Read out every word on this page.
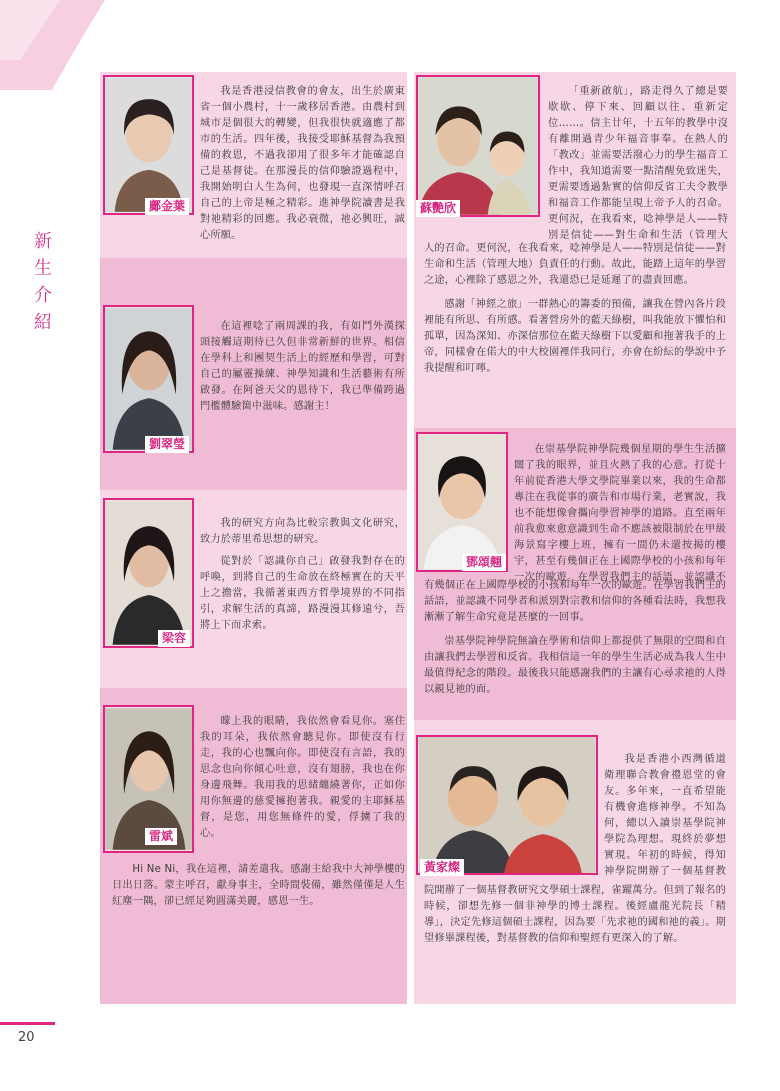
新
生
介
紹
鄺金葉

我是香港浸信教會的會友，出生於廣東省一個小農村，十一歲移居香港。由農村到城市是個很大的轉變，但我很快就適應了都市的生活。四年後，我接受耶穌基督為我預備的救恩，不過我卻用了很多年才能確認自己是基督徒。在那漫長的信仰驗證過程中，我開始明白人生為何，也發現一直深情呼召自己的上帝是極之精彩。進神學院讀書是我對祂精彩的回應。我必衰微，祂必興旺，誠心所願。

劉翠瑩

在這裡唸了兩周課的我，有如鬥外漢探頭接觸這期待已久但非常新鮮的世界。相信在學科上和團契生活上的經歷和學習，可對自己的屬靈操練、神學知識和生活藝術有所啟發。在阿爸天父的恩待下，我已準備跨過門檻體驗箇中滋味。感謝主！

梁容

我的研究方向為比較宗教與文化研究，致力於蒂里希思想的研究。

從對於「認識你自己」啟發我對存在的呼喚，到將自己的生命放在終極實在的天平上之擔當，我循著東西方哲學境界的不同指引，求解生活的真諦，路漫漫其修遠兮，吾將上下而求索。

雷斌

矇上我的眼睛，我依然會看見你。塞住我的耳朵，我依然會聽見你。即使沒有行走，我的心也飄向你。即使沒有言語，我的思念也向你傾心吐意，沒有翅膀，我也在你身邊飛舞。我用我的思緒纏繞著你，正如你用你無邊的慈愛擁抱著我。親愛的主耶穌基督，是您，用您無條件的愛，俘擄了我的心。

Hi Ne Ni，我在這裡，請差遣我。感謝主給我中大神學樓的日出日落。蒙主呼召，獻身事主，全時間裝備，雖然僅僅是人生紅塵一隅，卻已經足夠圓滿美麗，感恩一生。

蘇艷欣

「重新啟航」，路走得久了總是要歇歇、停下來、回顧以往、重新定位……。信主廿年，十五年的教學中沒有離開過青少年福音事奉。在熱人的「教改」並需要活潑心力的學生福音工作中，我知道需要一點清醒免致迷失，更需要透過紮實的信仰反省工夫令教學和福音工作都能呈現上帝予人的召命。更何況，在我看來，唸神學是人——特別是信徒——對生命和生活（管理大

人的召命。更何況，在我看來，唸神學是人——特別是信徒——對生命和生活（管理大地）負責任的行動。故此，能踏上這年的學習之途，心裡除了感恩之外，我還恐已是延遲了的盡責回應。

感謝「神經之旅」一群熱心的籌委的預備，讓我在營內各片段裡能有所思、有所感。看著營房外的藍天綠樹，叫我能放下懼怕和孤單，因為深知、亦深信那位在藍天綠樹下以愛顧和拖著我手的上帝，同樣會在偌大的中大校園裡伴我同行，亦會在紛紜的學說中予我提醒和叮嚀。

鄧頌翹

在崇基學院神學院幾個星期的學生生活擴闊了我的眼界，並且火熱了我的心意。打從十年前從香港大學文學院畢業以來，我的生命都專注在我從事的廣告和市場行業，老實說，我也不能想像會攜向學習神學的道路。直至兩年前我愈來愈意識到生命不應該被限制於在甲級海景寫字樓上班，擁有一間仍未還按揭的樓宇，甚至有幾個正在上國際學校的小孩和每年一次的歐遊。在學習我們主的話語，並認識不

有幾個正在上國際學校的小孩和每年一次的歐遊。在學習我們主的話語，並認識不同學者和派別對宗教和信仰的各種看法時，我想我漸漸了解生命究竟是甚麼的一回事。

崇基學院神學院無論在學術和信仰上都提供了無限的空間和自由讓我們去學習和反省。我相信這一年的學生生活必成為我人生中最值得紀念的階段。最後我只能感謝我們的主讓有心尋求祂的人得以親見祂的面。

黃家燦

我是香港小西灣循道衛理聯合教會禮恩堂的會友。多年來，一直希望能有機會進修神學。不知為何，總以入讀崇基學院神學院為理想。現終於夢想實現。年初的時候，得知神學院開辦了一個基督教

院開辦了一個基督教研究文學碩士課程，雀躍萬分。但到了報名的時候，卻想先修一個非神學的博士課程。後經盧龍光院長「精導」，決定先修這個碩士課程，因為要「先求祂的國和祂的義」。期望修畢課程後，對基督教的信仰和聖經有更深入的了解。

20
